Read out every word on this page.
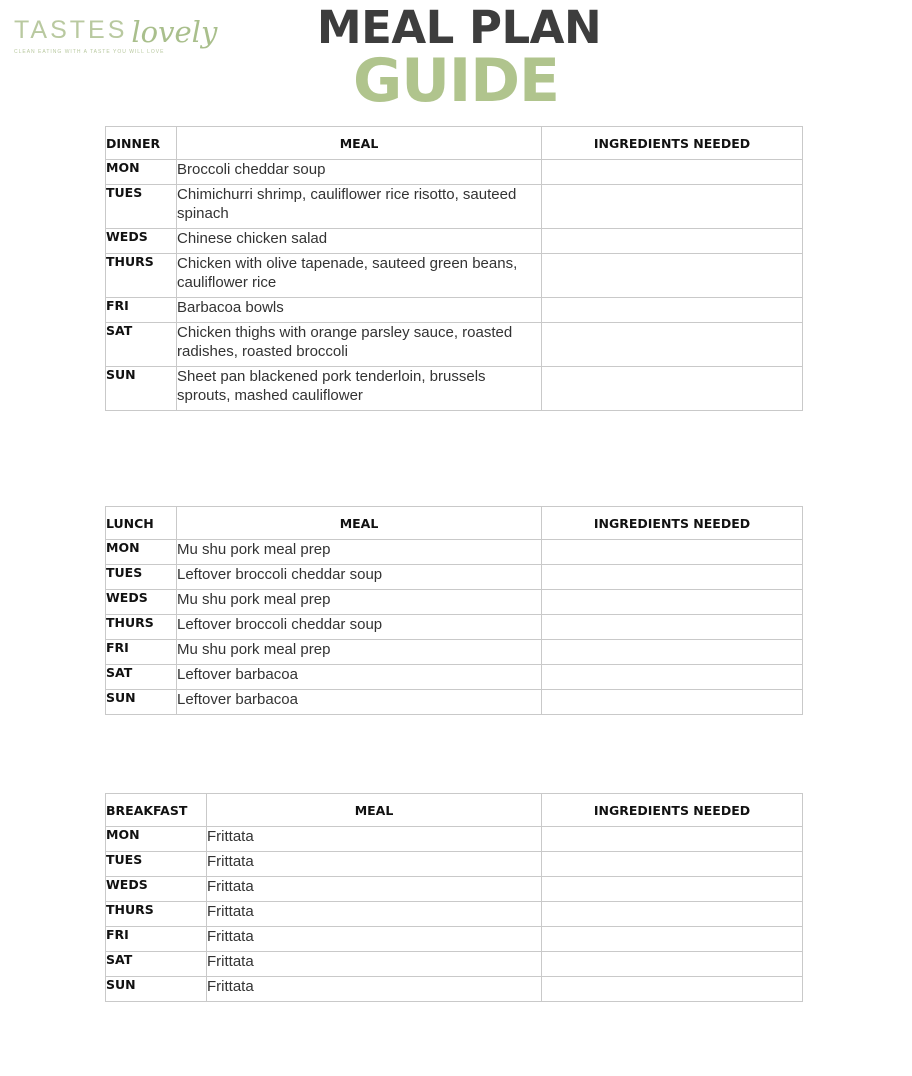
TASTES lovely
CLEAN EATING WITH A TASTE YOU WILL LOVE	MEAL PLAN
GUIDE
DINNER	MEAL	INGREDIENTS NEEDED
MON	Broccoli cheddar soup	
TUES	Chimichurri shrimp, cauliflower rice risotto, sauteed spinach	
WEDS	Chinese chicken salad	
THURS	Chicken with olive tapenade, sauteed green beans, cauliflower rice	
FRI	Barbacoa bowls	
SAT	Chicken thighs with orange parsley sauce, roasted radishes, roasted broccoli	
SUN	Sheet pan blackened pork tenderloin, brussels sprouts, mashed cauliflower	
LUNCH	MEAL	INGREDIENTS NEEDED
MON	Mu shu pork meal prep	
TUES	Leftover broccoli cheddar soup	
WEDS	Mu shu pork meal prep	
THURS	Leftover broccoli cheddar soup	
FRI	Mu shu pork meal prep	
SAT	Leftover barbacoa	
SUN	Leftover barbacoa	
BREAKFAST	MEAL	INGREDIENTS NEEDED
MON	Frittata	
TUES	Frittata	
WEDS	Frittata	
THURS	Frittata	
FRI	Frittata	
SAT	Frittata	
SUN	Frittata	
